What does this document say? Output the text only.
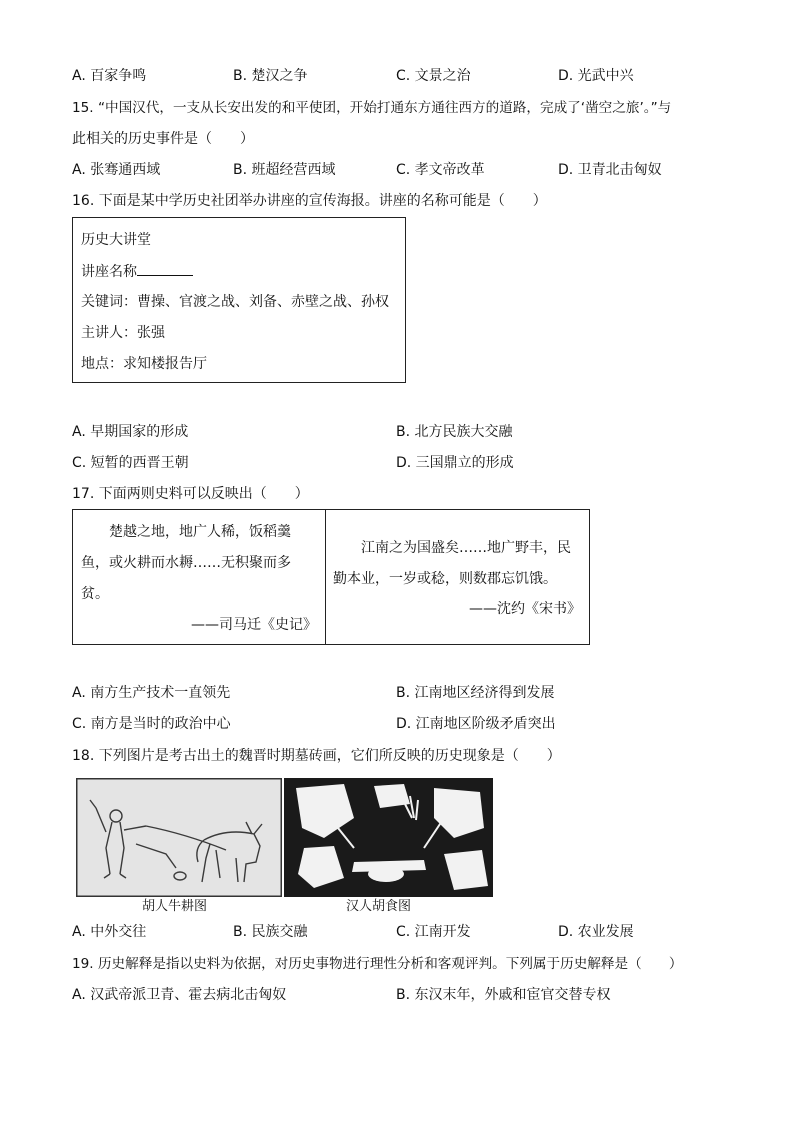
A. 百家争鸣	B. 楚汉之争	C. 文景之治	D. 光武中兴
15. “中国汉代，一支从长安出发的和平使团，开始打通东方通往西方的道路，完成了‘凿空之旅’。”与
此相关的历史事件是（　　）
A. 张骞通西域	B. 班超经营西域	C. 孝文帝改革	D. 卫青北击匈奴
16. 下面是某中学历史社团举办讲座的宣传海报。讲座的名称可能是（　　）
历史大讲堂
讲座名称
关键词：曹操、官渡之战、刘备、赤壁之战、孙权
主讲人：张强
地点：求知楼报告厅
A. 早期国家的形成	B. 北方民族大交融
C. 短暂的西晋王朝	D. 三国鼎立的形成
17. 下面两则史料可以反映出（　　）
楚越之地，地广人稀，饭稻羹
鱼，或火耕而水耨……无积聚而多
贫。
——司马迁《史记》
江南之为国盛矣……地广野丰，民
勤本业，一岁或稔，则数郡忘饥饿。
——沈约《宋书》
A. 南方生产技术一直领先	B. 江南地区经济得到发展
C. 南方是当时的政治中心	D. 江南地区阶级矛盾突出
18. 下列图片是考古出土的魏晋时期墓砖画，它们所反映的历史现象是（　　）
胡人牛耕图	汉人胡食图
A. 中外交往	B. 民族交融	C. 江南开发	D. 农业发展
19. 历史解释是指以史料为依据，对历史事物进行理性分析和客观评判。下列属于历史解释是（　　）
A. 汉武帝派卫青、霍去病北击匈奴	B. 东汉末年，外戚和宦官交替专权
